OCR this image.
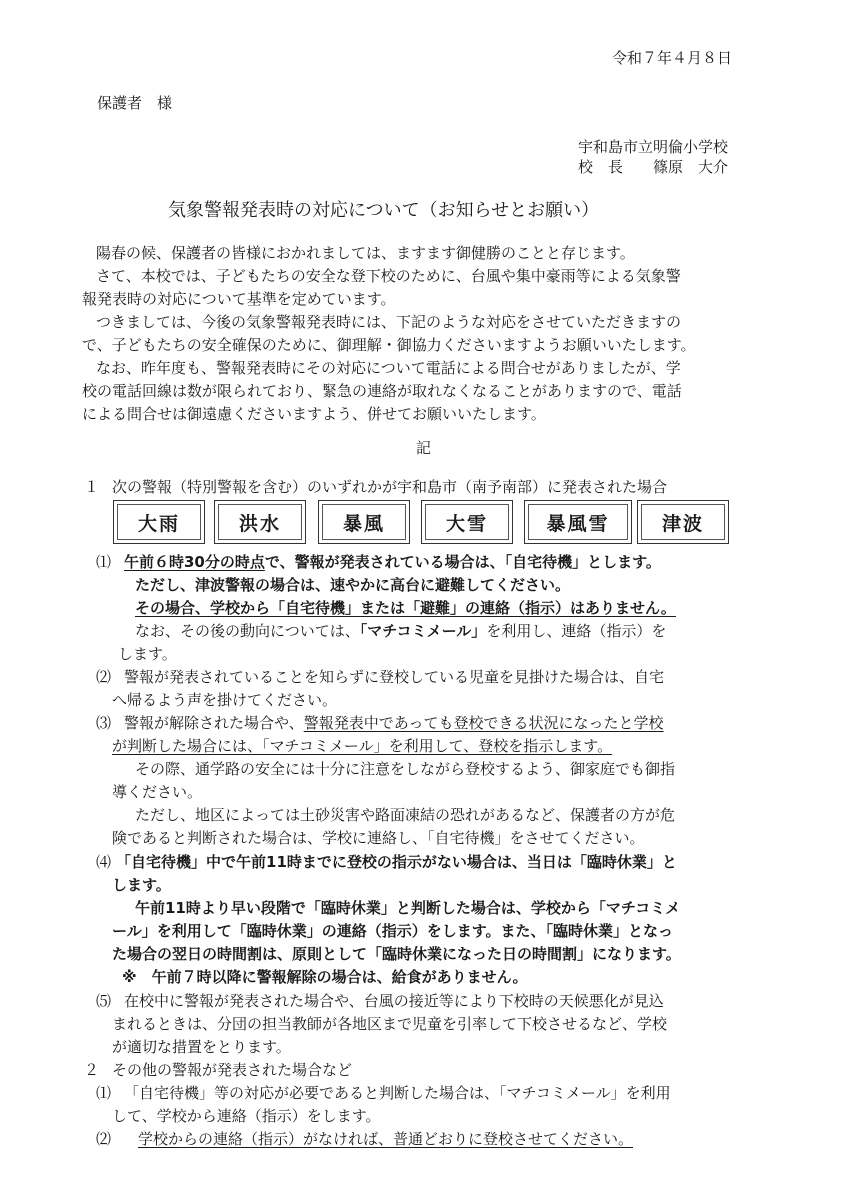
令和７年４月８日
保護者　様
宇和島市立明倫小学校
校　長　　篠原　大介
気象警報発表時の対応について（お知らせとお願い）
陽春の候、保護者の皆様におかれましては、ますます御健勝のことと存じます。
さて、本校では、子どもたちの安全な登下校のために、台風や集中豪雨等による気象警
報発表時の対応について基準を定めています。
つきましては、今後の気象警報発表時には、下記のような対応をさせていただきますの
で、子どもたちの安全確保のために、御理解・御協力くださいますようお願いいたします。
なお、昨年度も、警報発表時にその対応について電話による問合せがありましたが、学
校の電話回線は数が限られており、緊急の連絡が取れなくなることがありますので、電話
による問合せは御遠慮くださいますよう、併せてお願いいたします。
記
１ 次の警報（特別警報を含む）のいずれかが宇和島市（南予南部）に発表された場合
大雨	洪水	暴風	大雪	暴風雪	津波
⑴ 午前６時30分の時点で、警報が発表されている場合は、「自宅待機」とします。
ただし、津波警報の場合は、速やかに高台に避難してください。
その場合、学校から「自宅待機」または「避難」の連絡（指示）はありません。
なお、その後の動向については、「マチコミメール」を利用し、連絡（指示）を
します。
⑵ 警報が発表されていることを知らずに登校している児童を見掛けた場合は、自宅
へ帰るよう声を掛けてください。
⑶ 警報が解除された場合や、警報発表中であっても登校できる状況になったと学校
が判断した場合には、「マチコミメール」を利用して、登校を指示します。
その際、通学路の安全には十分に注意をしながら登校するよう、御家庭でも御指
導ください。
ただし、地区によっては土砂災害や路面凍結の恐れがあるなど、保護者の方が危
険であると判断された場合は、学校に連絡し、「自宅待機」をさせてください。
⑷ 「自宅待機」中で午前11時までに登校の指示がない場合は、当日は「臨時休業」と
します。
午前11時より早い段階で「臨時休業」と判断した場合は、学校から「マチコミメ
ール」を利用して「臨時休業」の連絡（指示）をします。また、「臨時休業」となっ
た場合の翌日の時間割は、原則として「臨時休業になった日の時間割」になります。
※　午前７時以降に警報解除の場合は、給食がありません。
⑸ 在校中に警報が発表された場合や、台風の接近等により下校時の天候悪化が見込
まれるときは、分団の担当教師が各地区まで児童を引率して下校させるなど、学校
が適切な措置をとります。
２ その他の警報が発表された場合など
⑴ 「自宅待機」等の対応が必要であると判断した場合は、「マチコミメール」を利用
して、学校から連絡（指示）をします。
⑵ 学校からの連絡（指示）がなければ、普通どおりに登校させてください。
